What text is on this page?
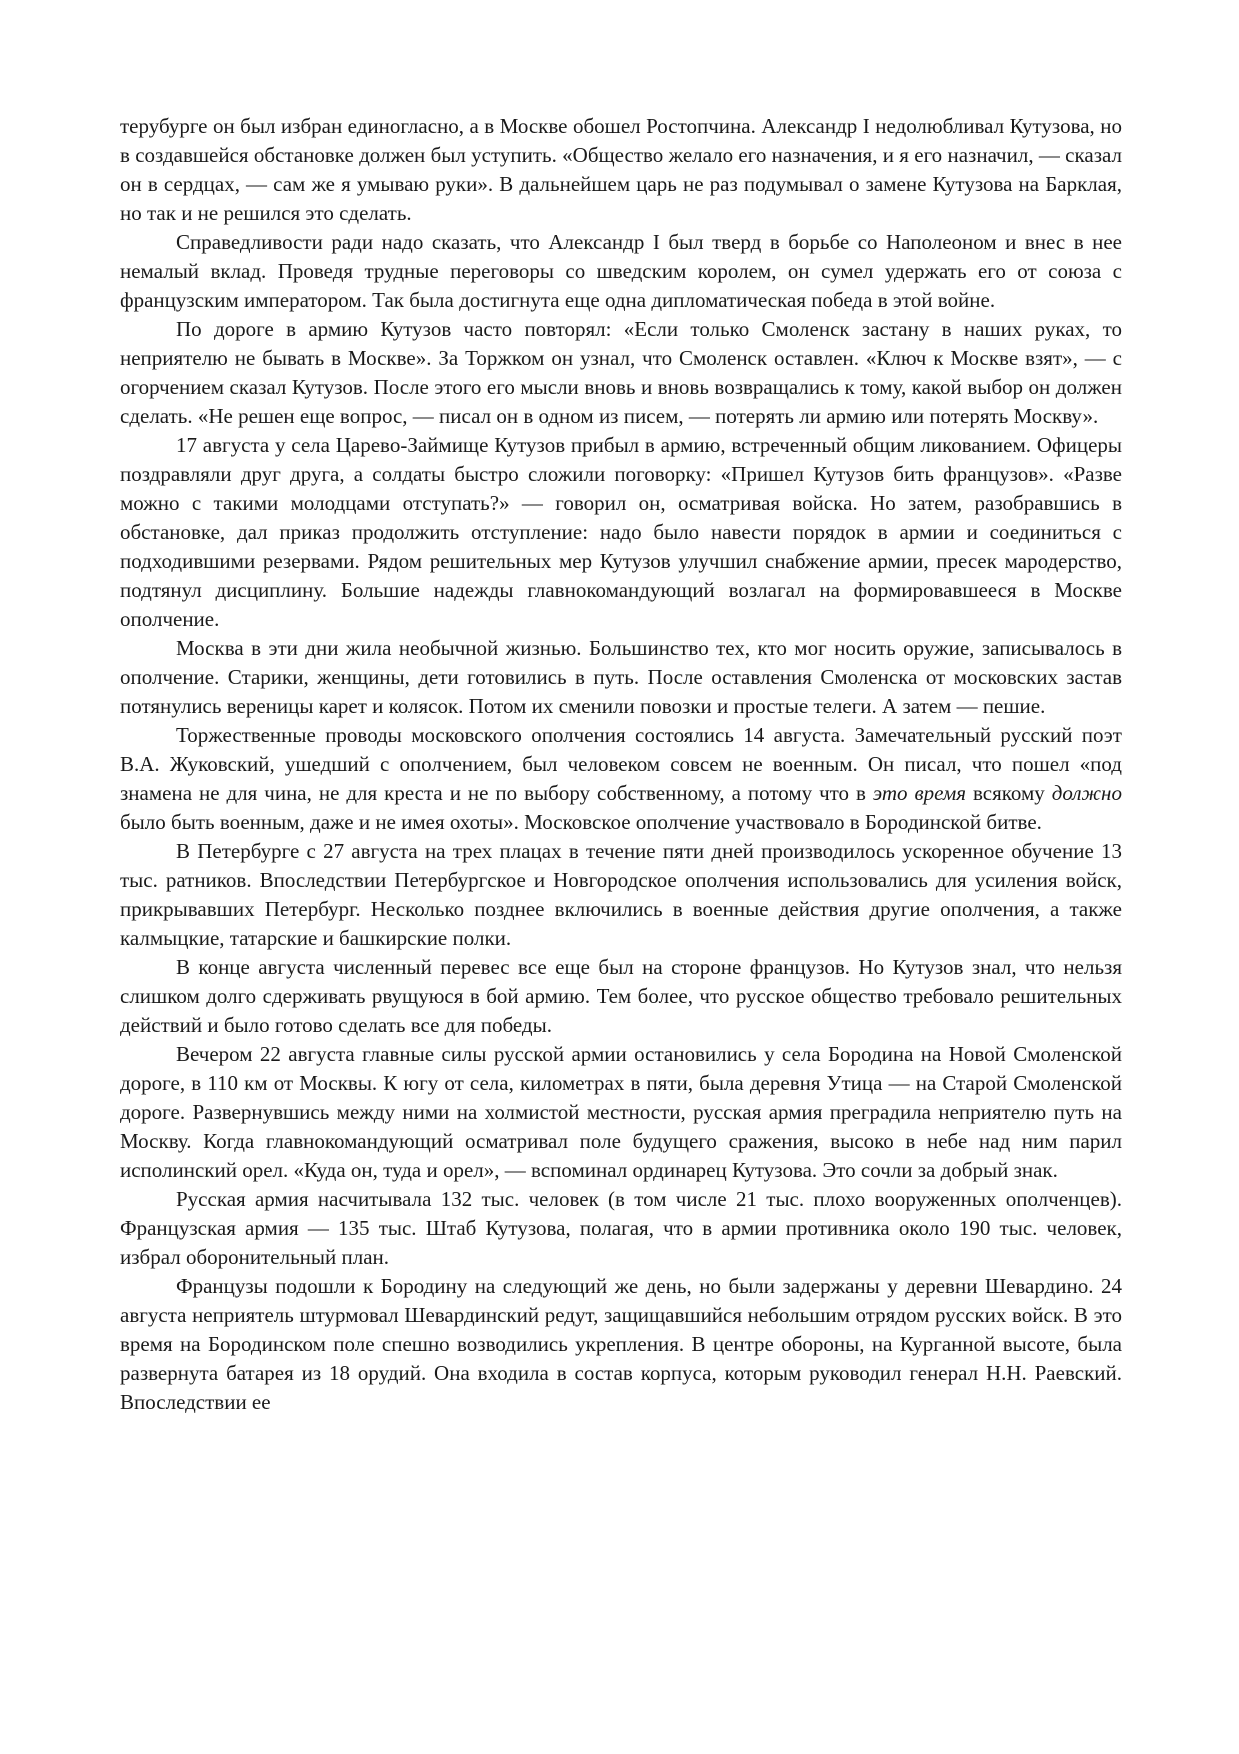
терубурге он был избран единогласно, а в Москве обошел Ростопчина. Александр I недолюбливал Кутузова, но в создавшейся обстановке должен был уступить. «Общество желало его назначения, и я его назначил, — сказал он в сердцах, — сам же я умываю руки». В дальнейшем царь не раз подумывал о замене Кутузова на Барклая, но так и не решился это сделать.

Справедливости ради надо сказать, что Александр I был тверд в борьбе со Наполеоном и внес в нее немалый вклад. Проведя трудные переговоры со шведским королем, он сумел удержать его от союза с французским императором. Так была достигнута еще одна дипломатическая победа в этой войне.

По дороге в армию Кутузов часто повторял: «Если только Смоленск застану в наших руках, то неприятелю не бывать в Москве». За Торжком он узнал, что Смоленск оставлен. «Ключ к Москве взят», — с огорчением сказал Кутузов. После этого его мысли вновь и вновь возвращались к тому, какой выбор он должен сделать. «Не решен еще вопрос, — писал он в одном из писем, — потерять ли армию или потерять Москву».

17 августа у села Царево-Займище Кутузов прибыл в армию, встреченный общим ликованием. Офицеры поздравляли друг друга, а солдаты быстро сложили поговорку: «Пришел Кутузов бить французов». «Разве можно с такими молодцами отступать?» — говорил он, осматривая войска. Но затем, разобравшись в обстановке, дал приказ продолжить отступление: надо было навести порядок в армии и соединиться с подходившими резервами. Рядом решительных мер Кутузов улучшил снабжение армии, пресек мародерство, подтянул дисциплину. Большие надежды главнокомандующий возлагал на формировавшееся в Москве ополчение.

Москва в эти дни жила необычной жизнью. Большинство тех, кто мог носить оружие, записывалось в ополчение. Старики, женщины, дети готовились в путь. После оставления Смоленска от московских застав потянулись вереницы карет и колясок. Потом их сменили повозки и простые телеги. А затем — пешие.

Торжественные проводы московского ополчения состоялись 14 августа. Замечательный русский поэт В.А. Жуковский, ушедший с ополчением, был человеком совсем не военным. Он писал, что пошел «под знамена не для чина, не для креста и не по выбору собственному, а потому что в это время всякому должно было быть военным, даже и не имея охоты». Московское ополчение участвовало в Бородинской битве.

В Петербурге с 27 августа на трех плацах в течение пяти дней производилось ускоренное обучение 13 тыс. ратников. Впоследствии Петербургское и Новгородское ополчения использовались для усиления войск, прикрывавших Петербург. Несколько позднее включились в военные действия другие ополчения, а также калмыцкие, татарские и башкирские полки.

В конце августа численный перевес все еще был на стороне французов. Но Кутузов знал, что нельзя слишком долго сдерживать рвущуюся в бой армию. Тем более, что русское общество требовало решительных действий и было готово сделать все для победы.

Вечером 22 августа главные силы русской армии остановились у села Бородина на Новой Смоленской дороге, в 110 км от Москвы. К югу от села, километрах в пяти, была деревня Утица — на Старой Смоленской дороге. Развернувшись между ними на холмистой местности, русская армия преградила неприятелю путь на Москву. Когда главнокомандующий осматривал поле будущего сражения, высоко в небе над ним парил исполинский орел. «Куда он, туда и орел», — вспоминал ординарец Кутузова. Это сочли за добрый знак.

Русская армия насчитывала 132 тыс. человек (в том числе 21 тыс. плохо вооруженных ополченцев). Французская армия — 135 тыс. Штаб Кутузова, полагая, что в армии противника около 190 тыс. человек, избрал оборонительный план.

Французы подошли к Бородину на следующий же день, но были задержаны у деревни Шевардино. 24 августа неприятель штурмовал Шевардинский редут, защищавшийся небольшим отрядом русских войск. В это время на Бородинском поле спешно возводились укрепления. В центре обороны, на Курганной высоте, была развернута батарея из 18 орудий. Она входила в состав корпуса, которым руководил генерал Н.Н. Раевский. Впоследствии ее
